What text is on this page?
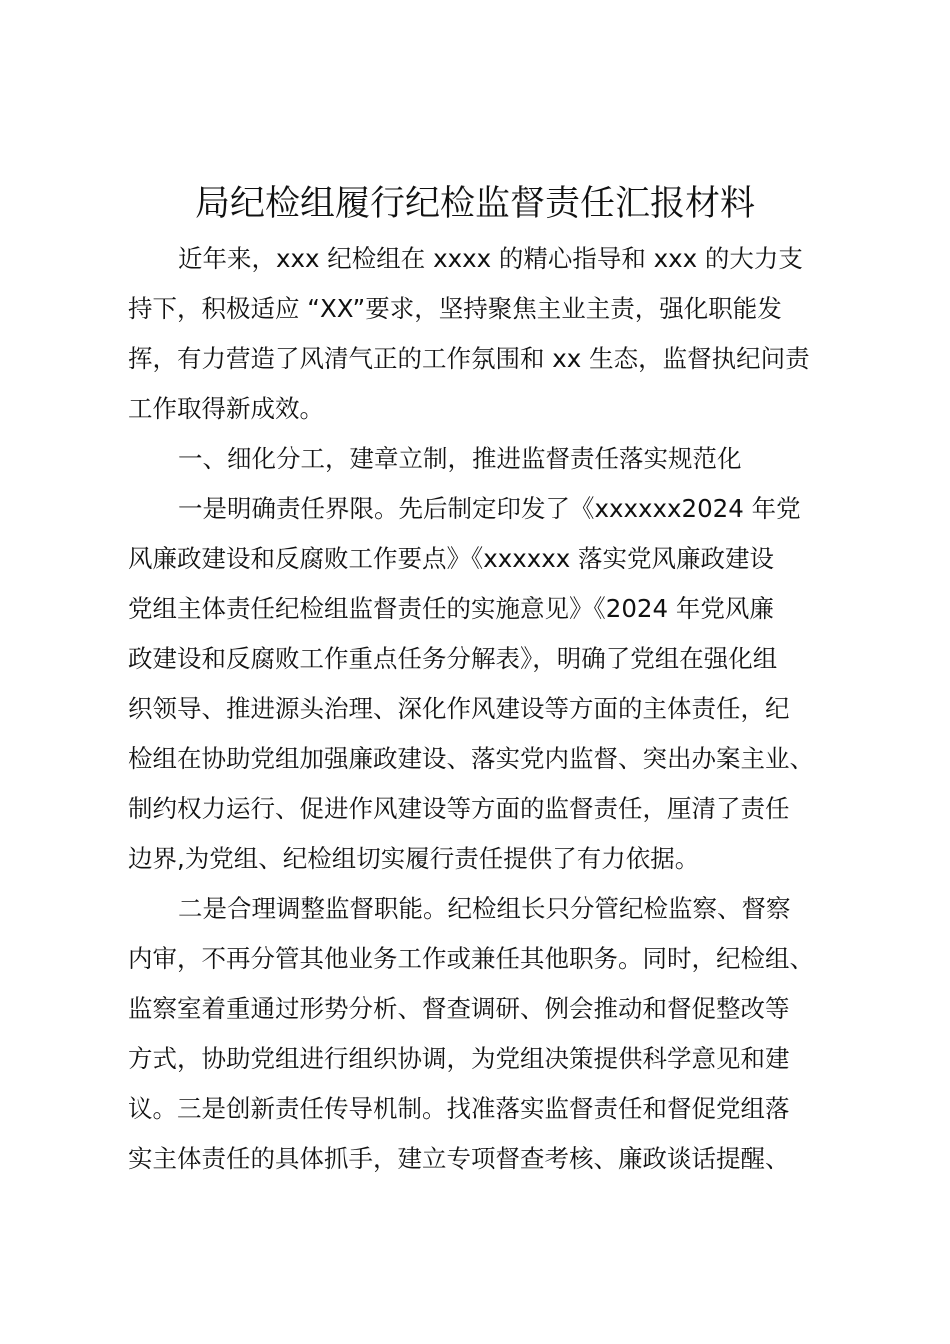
局纪检组履行纪检监督责任汇报材料
近年来，xxx 纪检组在 xxxx 的精心指导和 xxx 的大力支
持下，积极适应 “XX”要求，坚持聚焦主业主责，强化职能发
挥，有力营造了风清气正的工作氛围和 xx 生态，监督执纪问责
工作取得新成效。
一、细化分工，建章立制，推进监督责任落实规范化
一是明确责任界限。先后制定印发了《xxxxxx2024 年党
风廉政建设和反腐败工作要点》《xxxxxx 落实党风廉政建设
党组主体责任纪检组监督责任的实施意见》《2024 年党风廉
政建设和反腐败工作重点任务分解表》，明确了党组在强化组
织领导、推进源头治理、深化作风建设等方面的主体责任，纪
检组在协助党组加强廉政建设、落实党内监督、突出办案主业、
制约权力运行、促进作风建设等方面的监督责任，厘清了责任
边界,为党组、纪检组切实履行责任提供了有力依据。
二是合理调整监督职能。纪检组长只分管纪检监察、督察
内审，不再分管其他业务工作或兼任其他职务。同时，纪检组、
监察室着重通过形势分析、督查调研、例会推动和督促整改等
方式，协助党组进行组织协调，为党组决策提供科学意见和建
议。三是创新责任传导机制。找准落实监督责任和督促党组落
实主体责任的具体抓手，建立专项督查考核、廉政谈话提醒、
